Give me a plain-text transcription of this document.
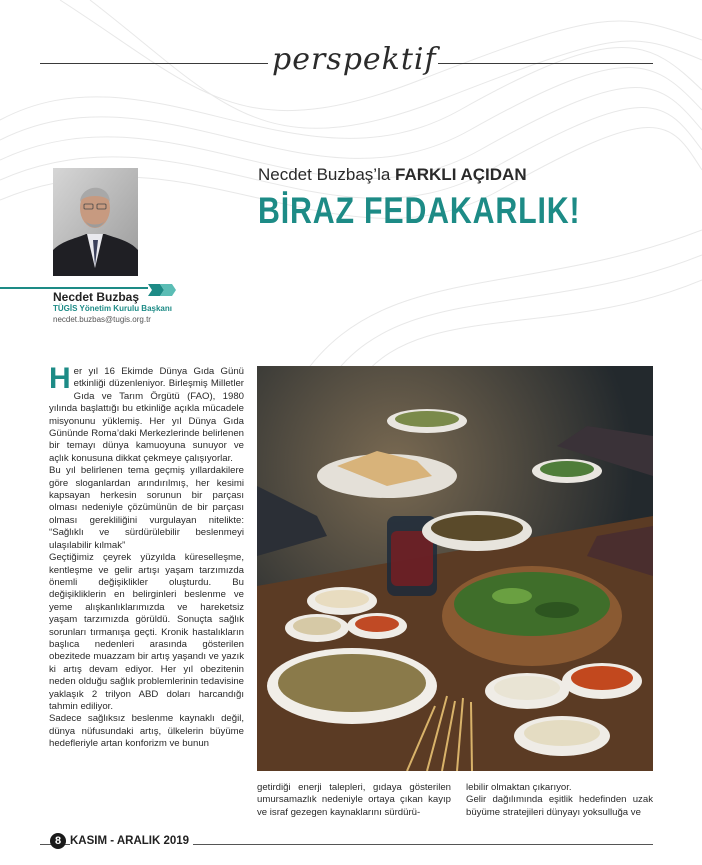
perspektif
Necdet Buzbaş
TÜGİS Yönetim Kurulu Başkanı
necdet.buzbas@tugis.org.tr
Necdet Buzbaş’la FARKLI AÇIDAN
BİRAZ FEDAKARLIK!

Her yıl 16 Ekimde Dünya Gıda Günü etkinliği düzenleniyor. Birleşmiş Milletler Gıda ve Tarım Örgütü (FAO), 1980 yılında başlattığı bu etkinliğe açıkla mücadele misyonunu yüklemiş. Her yıl Dünya Gıda Gününde Roma’daki Merkezlerinde belirlenen bir temayı dünya kamuoyuna sunuyor ve açlık konusuna dikkat çekmeye çalışıyorlar.

Bu yıl belirlenen tema geçmiş yıllardakilere göre sloganlardan arındırılmış, her kesimi kapsayan herkesin sorunun bir parçası olması nedeniyle çözümünün de bir parçası olması gerekliliğini vurgulayan nitelikte: “Sağlıklı ve sürdürülebilir beslenmeyi ulaşılabilir kılmak”

Geçtiğimiz çeyrek yüzyılda küreselleşme, kentleşme ve gelir artışı yaşam tarzımızda önemli değişiklikler oluşturdu. Bu değişikliklerin en belirginleri beslenme ve yeme alışkanlıklarımızda ve hareketsiz yaşam tarzımızda görüldü. Sonuçta sağlık sorunları tırmanışa geçti. Kronik hastalıkların başlıca nedenleri arasında gösterilen obezitede muazzam bir artış yaşandı ve yazık ki artış devam ediyor. Her yıl obezitenin neden olduğu sağlık problemlerinin tedavisine yaklaşık 2 trilyon ABD doları harcandığı tahmin ediliyor.

Sadece sağlıksız beslenme kaynaklı değil, dünya nüfusundaki artış, ülkelerin büyüme hedefleriyle artan konforizm ve bunun

getirdiği enerji talepleri, gıdaya gösterilen umursamazlık nedeniyle ortaya çıkan kayıp ve israf gezegen kaynaklarını sürdürü-
lebilir olmaktan çıkarıyor.
Gelir dağılımında eşitlik hedefinden uzak büyüme stratejileri dünyayı yoksulluğa ve
8 KASIM - ARALIK 2019
